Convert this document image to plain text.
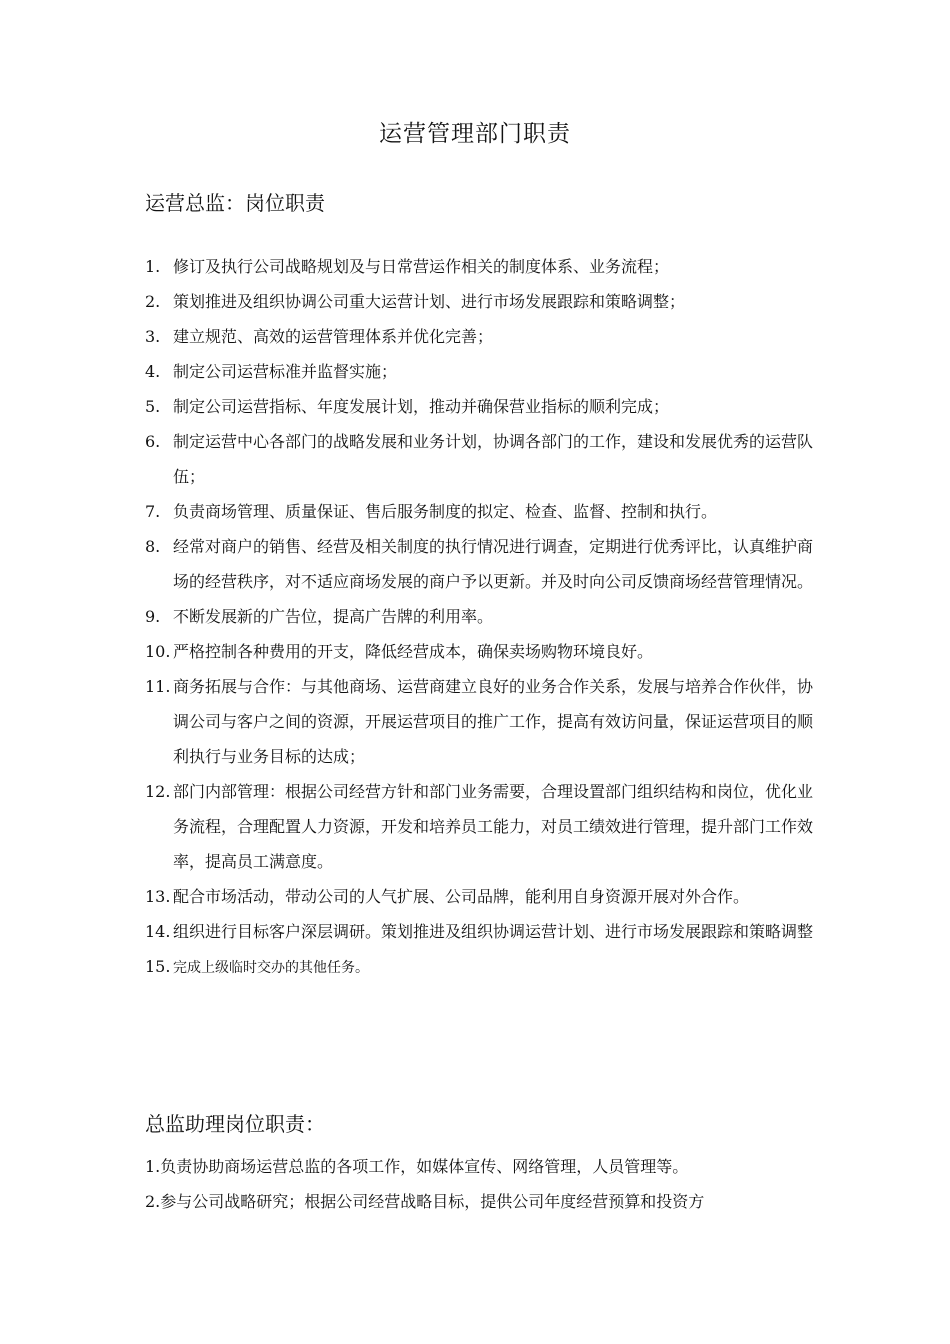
运营管理部门职责
运营总监：岗位职责
1. 修订及执行公司战略规划及与日常营运作相关的制度体系、业务流程；
2. 策划推进及组织协调公司重大运营计划、进行市场发展跟踪和策略调整；
3. 建立规范、高效的运营管理体系并优化完善；
4. 制定公司运营标准并监督实施；
5. 制定公司运营指标、年度发展计划，推动并确保营业指标的顺利完成；
6. 制定运营中心各部门的战略发展和业务计划，协调各部门的工作，建设和发展优秀的运营队伍；
7. 负责商场管理、质量保证、售后服务制度的拟定、检查、监督、控制和执行。
8. 经常对商户的销售、经营及相关制度的执行情况进行调查，定期进行优秀评比，认真维护商场的经营秩序，对不适应商场发展的商户予以更新。并及时向公司反馈商场经营管理情况。
9. 不断发展新的广告位，提高广告牌的利用率。
10. 严格控制各种费用的开支，降低经营成本，确保卖场购物环境良好。
11. 商务拓展与合作：与其他商场、运营商建立良好的业务合作关系，发展与培养合作伙伴，协调公司与客户之间的资源，开展运营项目的推广工作，提高有效访问量，保证运营项目的顺利执行与业务目标的达成；
12. 部门内部管理：根据公司经营方针和部门业务需要，合理设置部门组织结构和岗位，优化业务流程，合理配置人力资源，开发和培养员工能力，对员工绩效进行管理，提升部门工作效率，提高员工满意度。
13. 配合市场活动，带动公司的人气扩展、公司品牌，能利用自身资源开展对外合作。
14. 组织进行目标客户深层调研。策划推进及组织协调运营计划、进行市场发展跟踪和策略调整
15. 完成上级临时交办的其他任务。
总监助理岗位职责：
1.负责协助商场运营总监的各项工作，如媒体宣传、网络管理，人员管理等。
2.参与公司战略研究；根据公司经营战略目标，提供公司年度经营预算和投资方
